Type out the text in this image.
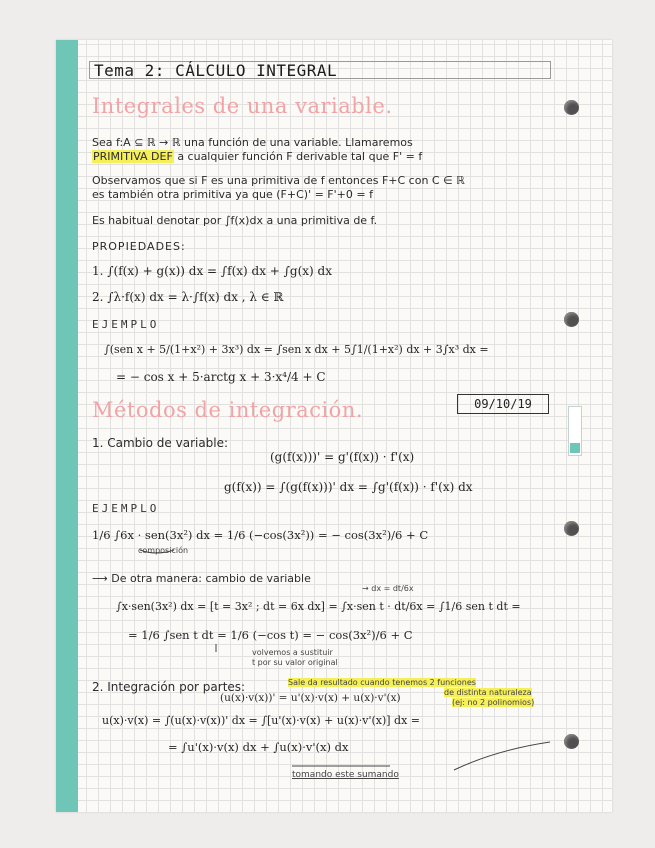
Tema 2: CÁLCULO INTEGRAL
Integrales de una variable.
Sea f:A ⊆ ℝ → ℝ una función de una variable. Llamaremos
PRIMITIVA DEF a cualquier función F derivable tal que F' = f
Observamos que si F es una primitiva de f entonces F+C con C ∈ ℝ
es también otra primitiva ya que (F+C)' = F'+0 = f
Es habitual denotar por ∫f(x)dx a una primitiva de f.
PROPIEDADES:
1. ∫(f(x) + g(x)) dx = ∫f(x) dx + ∫g(x) dx
2. ∫λ·f(x) dx = λ·∫f(x) dx , λ ∈ ℝ
EJEMPLO
∫(sen x + 5/(1+x²) + 3x³) dx = ∫sen x dx + 5∫1/(1+x²) dx + 3∫x³ dx =
= − cos x + 5·arctg x + 3·x⁴/4 + C
Métodos de integración.	09/10/19
1. Cambio de variable:
(g(f(x)))' = g'(f(x)) · f'(x)
g(f(x)) = ∫(g(f(x)))' dx = ∫g'(f(x)) · f'(x) dx
EJEMPLO
1/6 ∫6x · sen(3x²) dx = 1/6 (−cos(3x²)) = − cos(3x²)/6 + C
composición
⟶ De otra manera: cambio de variable
→ dx = dt/6x
∫x·sen(3x²) dx = [t = 3x² ; dt = 6x dx] = ∫x·sen t · dt/6x = ∫1/6 sen t dt =
= 1/6 ∫sen t dt = 1/6 (−cos t) = − cos(3x²)/6 + C
volvemos a sustituir
t por su valor original
2. Integración por partes:	Sale da resultado cuando tenemos 2 funciones
de distinta naturaleza
(ej: no 2 polinomios)
(u(x)·v(x))' = u'(x)·v(x) + u(x)·v'(x)
u(x)·v(x) = ∫(u(x)·v(x))' dx = ∫[u'(x)·v(x) + u(x)·v'(x)] dx =
= ∫u'(x)·v(x) dx + ∫u(x)·v'(x) dx
tomando este sumando
